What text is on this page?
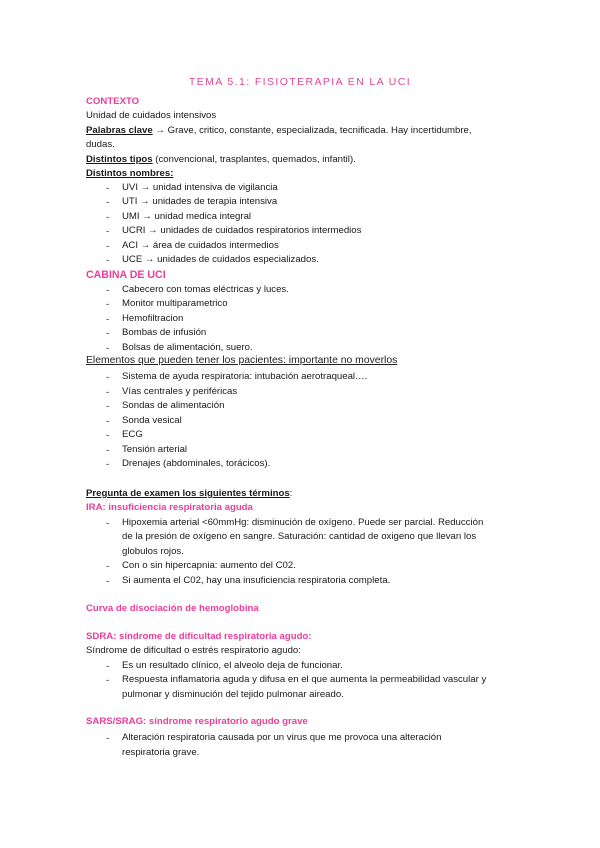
TEMA 5.1: FISIOTERAPIA EN LA UCI
CONTEXTO
Unidad de cuidados intensivos
Palabras clave → Grave, critico, constante, especializada, tecnificada. Hay incertidumbre,
dudas.
Distintos tipos (convencional, trasplantes, quemados, infantil).
Distintos nombres:
- UVI → unidad intensiva de vigilancia
- UTI → unidades de terapia intensiva
- UMI → unidad medica integral
- UCRI → unidades de cuidados respiratorios intermedios
- ACI → área de cuidados intermedios
- UCE → unidades de cuidados especializados.
CABINA DE UCI
- Cabecero con tomas eléctricas y luces.
- Monitor multiparametrico
- Hemofiltracion
- Bombas de infusión
- Bolsas de alimentación, suero.
Elementos que pueden tener los pacientes: importante no moverlos
- Sistema de ayuda respiratoria: intubación aerotraqueal….
- Vías centrales y periféricas
- Sondas de alimentación
- Sonda vesical
- ECG
- Tensión arterial
- Drenajes (abdominales, torácicos).
Pregunta de examen los siguientes términos:
IRA: insuficiencia respiratoria aguda
- Hipoxemia arterial <60mmHg: disminución de oxígeno. Puede ser parcial. Reducción
de la presión de oxígeno en sangre. Saturación: cantidad de oxigeno que llevan los
globulos rojos.
- Con o sin hipercapnia: aumento del C02.
- Si aumenta el C02, hay una insuficiencia respiratoria completa.
Curva de disociación de hemoglobina
SDRA: síndrome de dificultad respiratoria agudo:
Síndrome de dificultad o estrés respiratorio agudo:
- Es un resultado clínico, el alveolo deja de funcionar.
- Respuesta inflamatoria aguda y difusa en el que aumenta la permeabilidad vascular y
pulmonar y disminución del tejido pulmonar aireado.
SARS/SRAG: síndrome respiratorio agudo grave
- Alteración respiratoria causada por un virus que me provoca una alteración
respiratoria grave.
